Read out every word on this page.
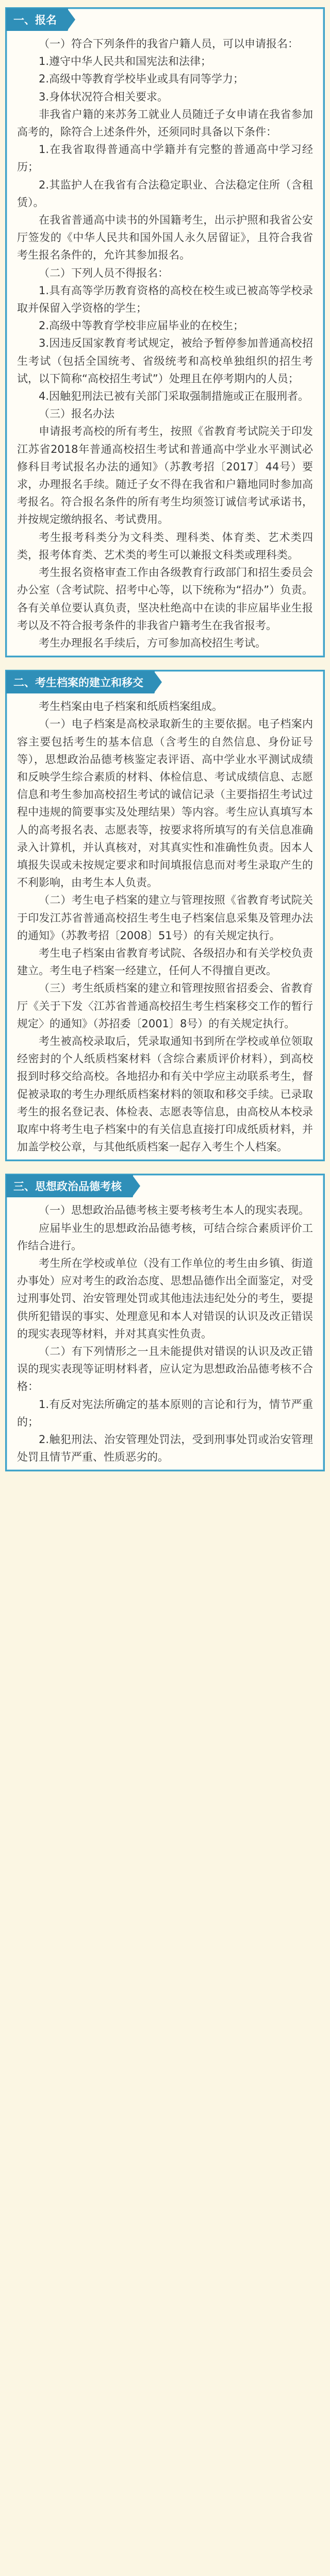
一、报名

（一）符合下列条件的我省户籍人员，可以申请报名：

1.遵守中华人民共和国宪法和法律；

2.高级中等教育学校毕业或具有同等学力；

3.身体状况符合相关要求。

非我省户籍的来苏务工就业人员随迁子女申请在我省参加高考的，除符合上述条件外，还须同时具备以下条件：

1.在我省取得普通高中学籍并有完整的普通高中学习经历；

2.其监护人在我省有合法稳定职业、合法稳定住所（含租赁）。

在我省普通高中读书的外国籍考生，出示护照和我省公安厅签发的《中华人民共和国外国人永久居留证》，且符合我省考生报名条件的，允许其参加报名。

（二）下列人员不得报名：

1.具有高等学历教育资格的高校在校生或已被高等学校录取并保留入学资格的学生；

2.高级中等教育学校非应届毕业的在校生；

3.因违反国家教育考试规定，被给予暂停参加普通高校招生考试（包括全国统考、省级统考和高校单独组织的招生考试，以下简称“高校招生考试”）处理且在停考期内的人员；

4.因触犯刑法已被有关部门采取强制措施或正在服刑者。

（三）报名办法

申请报考高校的所有考生，按照《省教育考试院关于印发江苏省2018年普通高校招生考试和普通高中学业水平测试必修科目考试报名办法的通知》（苏教考招〔2017〕44号）要求，办理报名手续。随迁子女不得在我省和户籍地同时参加高考报名。符合报名条件的所有考生均须签订诚信考试承诺书，并按规定缴纳报名、考试费用。

考生报考科类分为文科类、理科类、体育类、艺术类四类，报考体育类、艺术类的考生可以兼报文科类或理科类。

考生报名资格审查工作由各级教育行政部门和招生委员会办公室（含考试院、招考中心等，以下统称为“招办”）负责。各有关单位要认真负责，坚决杜绝高中在读的非应届毕业生报考以及不符合报考条件的非我省户籍考生在我省报考。

考生办理报名手续后，方可参加高校招生考试。

二、考生档案的建立和移交

考生档案由电子档案和纸质档案组成。

（一）电子档案是高校录取新生的主要依据。电子档案内容主要包括考生的基本信息（含考生的自然信息、身份证号等），思想政治品德考核鉴定表评语、高中学业水平测试成绩和反映学生综合素质的材料、体检信息、考试成绩信息、志愿信息和考生参加高校招生考试的诚信记录（主要指招生考试过程中违规的简要事实及处理结果）等内容。考生应认真填写本人的高考报名表、志愿表等，按要求将所填写的有关信息准确录入计算机，并认真核对，对其真实性和准确性负责。因本人填报失误或未按规定要求和时间填报信息而对考生录取产生的不利影响，由考生本人负责。

（二）考生电子档案的建立与管理按照《省教育考试院关于印发江苏省普通高校招生考生电子档案信息采集及管理办法的通知》（苏教考招〔2008〕51号）的有关规定执行。

考生电子档案由省教育考试院、各级招办和有关学校负责建立。考生电子档案一经建立，任何人不得擅自更改。

（三）考生纸质档案的建立和管理按照省招委会、省教育厅《关于下发〈江苏省普通高校招生考生档案移交工作的暂行规定〉的通知》（苏招委〔2001〕8号）的有关规定执行。

考生被高校录取后，凭录取通知书到所在学校或单位领取经密封的个人纸质档案材料（含综合素质评价材料），到高校报到时移交给高校。各地招办和有关中学应主动联系考生，督促被录取的考生办理纸质档案材料的领取和移交手续。已录取考生的报名登记表、体检表、志愿表等信息，由高校从本校录取库中将考生电子档案中的有关信息直接打印成纸质材料，并加盖学校公章，与其他纸质档案一起存入考生个人档案。

三、思想政治品德考核

（一）思想政治品德考核主要考核考生本人的现实表现。

应届毕业生的思想政治品德考核，可结合综合素质评价工作结合进行。

考生所在学校或单位（没有工作单位的考生由乡镇、街道办事处）应对考生的政治态度、思想品德作出全面鉴定，对受过刑事处罚、治安管理处罚或其他违法违纪处分的考生，要提供所犯错误的事实、处理意见和本人对错误的认识及改正错误的现实表现等材料，并对其真实性负责。

（二）有下列情形之一且未能提供对错误的认识及改正错误的现实表现等证明材料者，应认定为思想政治品德考核不合格：

1.有反对宪法所确定的基本原则的言论和行为，情节严重的；

2.触犯刑法、治安管理处罚法，受到刑事处罚或治安管理处罚且情节严重、性质恶劣的。
